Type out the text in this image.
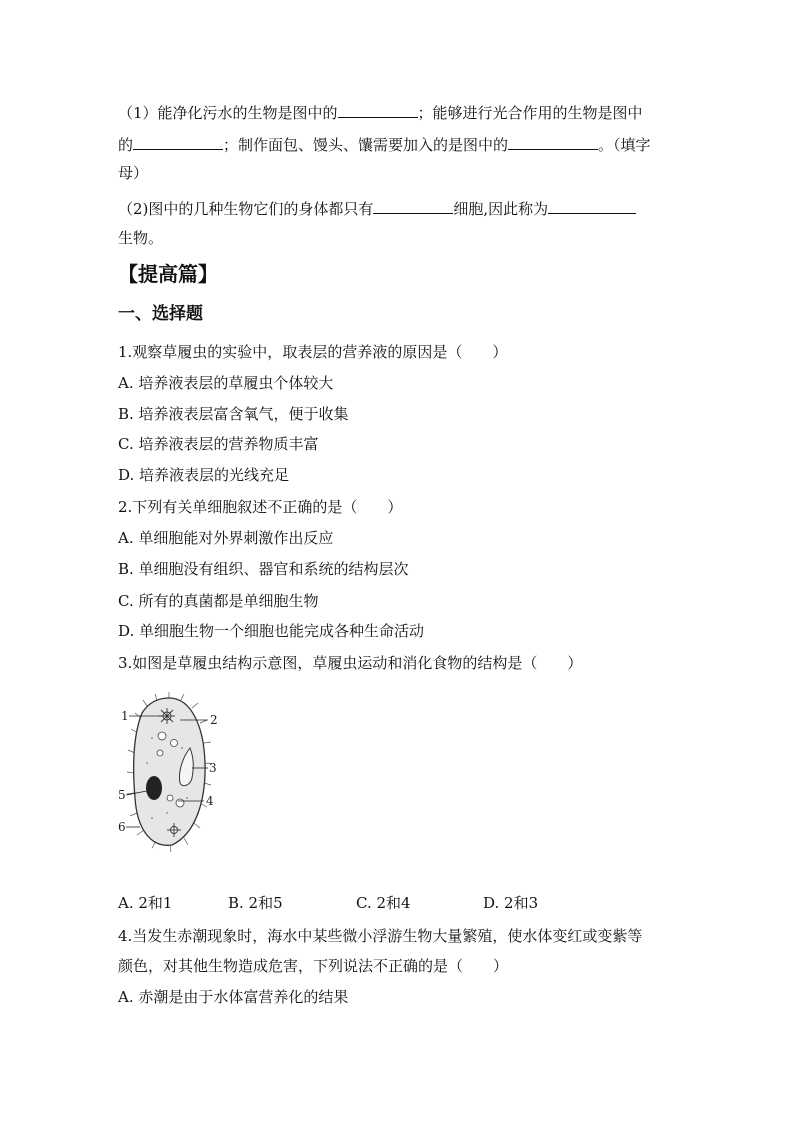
（1）能净化污水的生物是图中的	；能够进行光合作用的生物是图中
的	；制作面包、馒头、馕需要加入的是图中的	。（填字
母）
（2)图中的几种生物它们的身体都只有	细胞,因此称为
生物。
【提高篇】
一、选择题
1.观察草履虫的实验中，取表层的营养液的原因是（　　）
A. 培养液表层的草履虫个体较大
B. 培养液表层富含氧气，便于收集
C. 培养液表层的营养物质丰富
D. 培养液表层的光线充足
2.下列有关单细胞叙述不正确的是（　　）
A. 单细胞能对外界刺激作出反应
B. 单细胞没有组织、器官和系统的结构层次
C. 所有的真菌都是单细胞生物
D. 单细胞生物一个细胞也能完成各种生命活动
3.如图是草履虫结构示意图，草履虫运动和消化食物的结构是（　　）
1	2
3
4
5
6
A. 2和1	B. 2和5	C. 2和4	D. 2和3
4.当发生赤潮现象时，海水中某些微小浮游生物大量繁殖，使水体变红或变紫等
颜色，对其他生物造成危害，下列说法不正确的是（　　）
A. 赤潮是由于水体富营养化的结果
